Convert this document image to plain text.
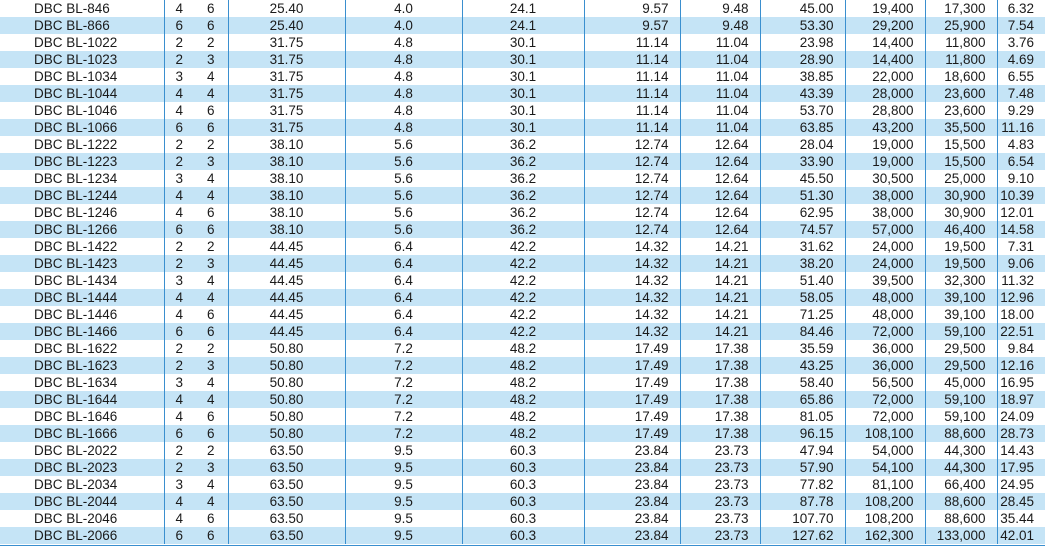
DBC BL-846	4	6	25.40	4.0	24.1	9.57	9.48	45.00	19,400	17,300	6.32
DBC BL-866	6	6	25.40	4.0	24.1	9.57	9.48	53.30	29,200	25,900	7.54
DBC BL-1022	2	2	31.75	4.8	30.1	11.14	11.04	23.98	14,400	11,800	3.76
DBC BL-1023	2	3	31.75	4.8	30.1	11.14	11.04	28.90	14,400	11,800	4.69
DBC BL-1034	3	4	31.75	4.8	30.1	11.14	11.04	38.85	22,000	18,600	6.55
DBC BL-1044	4	4	31.75	4.8	30.1	11.14	11.04	43.39	28,000	23,600	7.48
DBC BL-1046	4	6	31.75	4.8	30.1	11.14	11.04	53.70	28,800	23,600	9.29
DBC BL-1066	6	6	31.75	4.8	30.1	11.14	11.04	63.85	43,200	35,500	11.16
DBC BL-1222	2	2	38.10	5.6	36.2	12.74	12.64	28.04	19,000	15,500	4.83
DBC BL-1223	2	3	38.10	5.6	36.2	12.74	12.64	33.90	19,000	15,500	6.54
DBC BL-1234	3	4	38.10	5.6	36.2	12.74	12.64	45.50	30,500	25,000	9.10
DBC BL-1244	4	4	38.10	5.6	36.2	12.74	12.64	51.30	38,000	30,900	10.39
DBC BL-1246	4	6	38.10	5.6	36.2	12.74	12.64	62.95	38,000	30,900	12.01
DBC BL-1266	6	6	38.10	5.6	36.2	12.74	12.64	74.57	57,000	46,400	14.58
DBC BL-1422	2	2	44.45	6.4	42.2	14.32	14.21	31.62	24,000	19,500	7.31
DBC BL-1423	2	3	44.45	6.4	42.2	14.32	14.21	38.20	24,000	19,500	9.06
DBC BL-1434	3	4	44.45	6.4	42.2	14.32	14.21	51.40	39,500	32,300	11.32
DBC BL-1444	4	4	44.45	6.4	42.2	14.32	14.21	58.05	48,000	39,100	12.96
DBC BL-1446	4	6	44.45	6.4	42.2	14.32	14.21	71.25	48,000	39,100	18.00
DBC BL-1466	6	6	44.45	6.4	42.2	14.32	14.21	84.46	72,000	59,100	22.51
DBC BL-1622	2	2	50.80	7.2	48.2	17.49	17.38	35.59	36,000	29,500	9.84
DBC BL-1623	2	3	50.80	7.2	48.2	17.49	17.38	43.25	36,000	29,500	12.16
DBC BL-1634	3	4	50.80	7.2	48.2	17.49	17.38	58.40	56,500	45,000	16.95
DBC BL-1644	4	4	50.80	7.2	48.2	17.49	17.38	65.86	72,000	59,100	18.97
DBC BL-1646	4	6	50.80	7.2	48.2	17.49	17.38	81.05	72,000	59,100	24.09
DBC BL-1666	6	6	50.80	7.2	48.2	17.49	17.38	96.15	108,100	88,600	28.73
DBC BL-2022	2	2	63.50	9.5	60.3	23.84	23.73	47.94	54,000	44,300	14.43
DBC BL-2023	2	3	63.50	9.5	60.3	23.84	23.73	57.90	54,100	44,300	17.95
DBC BL-2034	3	4	63.50	9.5	60.3	23.84	23.73	77.82	81,100	66,400	24.95
DBC BL-2044	4	4	63.50	9.5	60.3	23.84	23.73	87.78	108,200	88,600	28.45
DBC BL-2046	4	6	63.50	9.5	60.3	23.84	23.73	107.70	108,200	88,600	35.44
DBC BL-2066	6	6	63.50	9.5	60.3	23.84	23.73	127.62	162,300	133,000	42.01
